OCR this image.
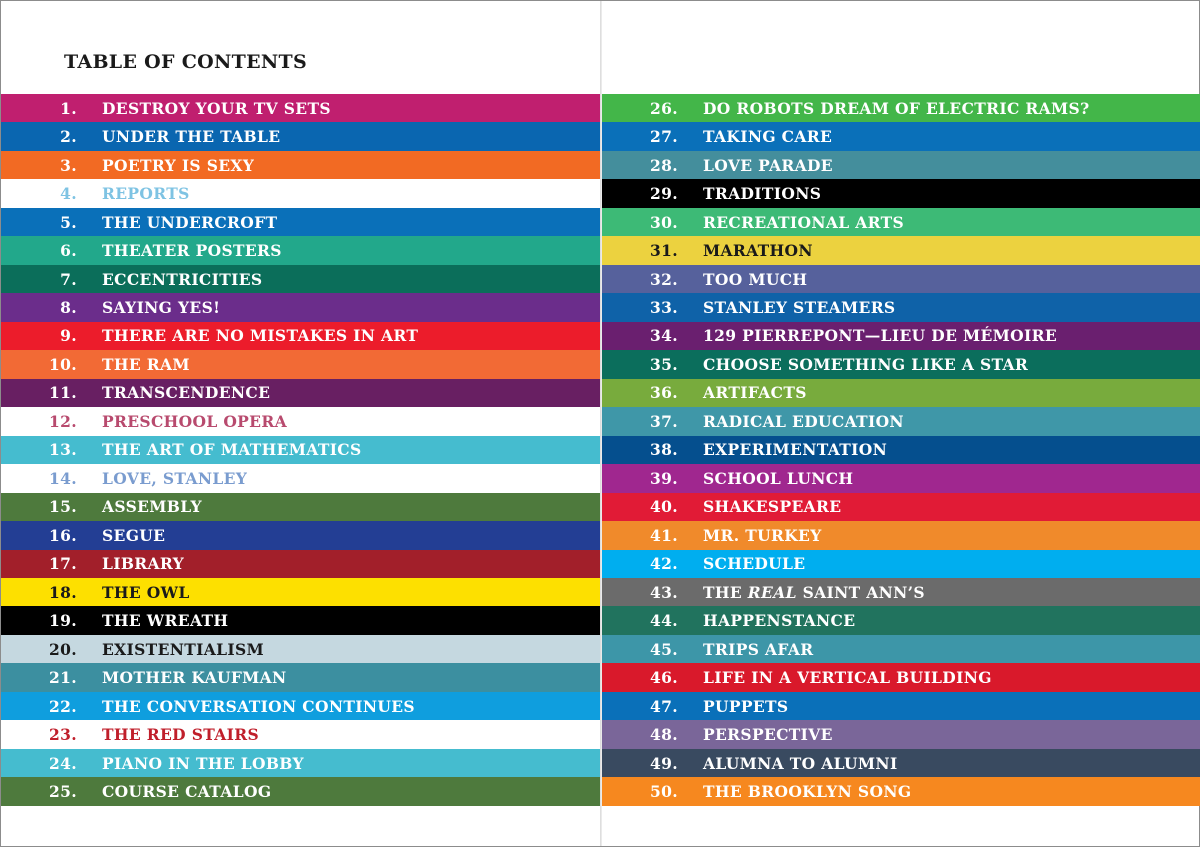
TABLE OF CONTENTS
1.	DESTROY YOUR TV SETS
2.	UNDER THE TABLE
3.	POETRY IS SEXY
4.	REPORTS
5.	THE UNDERCROFT
6.	THEATER POSTERS
7.	ECCENTRICITIES
8.	SAYING YES!
9.	THERE ARE NO MISTAKES IN ART
10.	THE RAM
11.	TRANSCENDENCE
12.	PRESCHOOL OPERA
13.	THE ART OF MATHEMATICS
14.	LOVE, STANLEY
15.	ASSEMBLY
16.	SEGUE
17.	LIBRARY
18.	THE OWL
19.	THE WREATH
20.	EXISTENTIALISM
21.	MOTHER KAUFMAN
22.	THE CONVERSATION CONTINUES
23.	THE RED STAIRS
24.	PIANO IN THE LOBBY
25.	COURSE CATALOG
26.	DO ROBOTS DREAM OF ELECTRIC RAMS?
27.	TAKING CARE
28.	LOVE PARADE
29.	TRADITIONS
30.	RECREATIONAL ARTS
31.	MARATHON
32.	TOO MUCH
33.	STANLEY STEAMERS
34.	129 PIERREPONT—LIEU DE MÉMOIRE
35.	CHOOSE SOMETHING LIKE A STAR
36.	ARTIFACTS
37.	RADICAL EDUCATION
38.	EXPERIMENTATION
39.	SCHOOL LUNCH
40.	SHAKESPEARE
41.	MR. TURKEY
42.	SCHEDULE
43.	THE REAL SAINT ANN’S
44.	HAPPENSTANCE
45.	TRIPS AFAR
46.	LIFE IN A VERTICAL BUILDING
47.	PUPPETS
48.	PERSPECTIVE
49.	ALUMNA TO ALUMNI
50.	THE BROOKLYN SONG
